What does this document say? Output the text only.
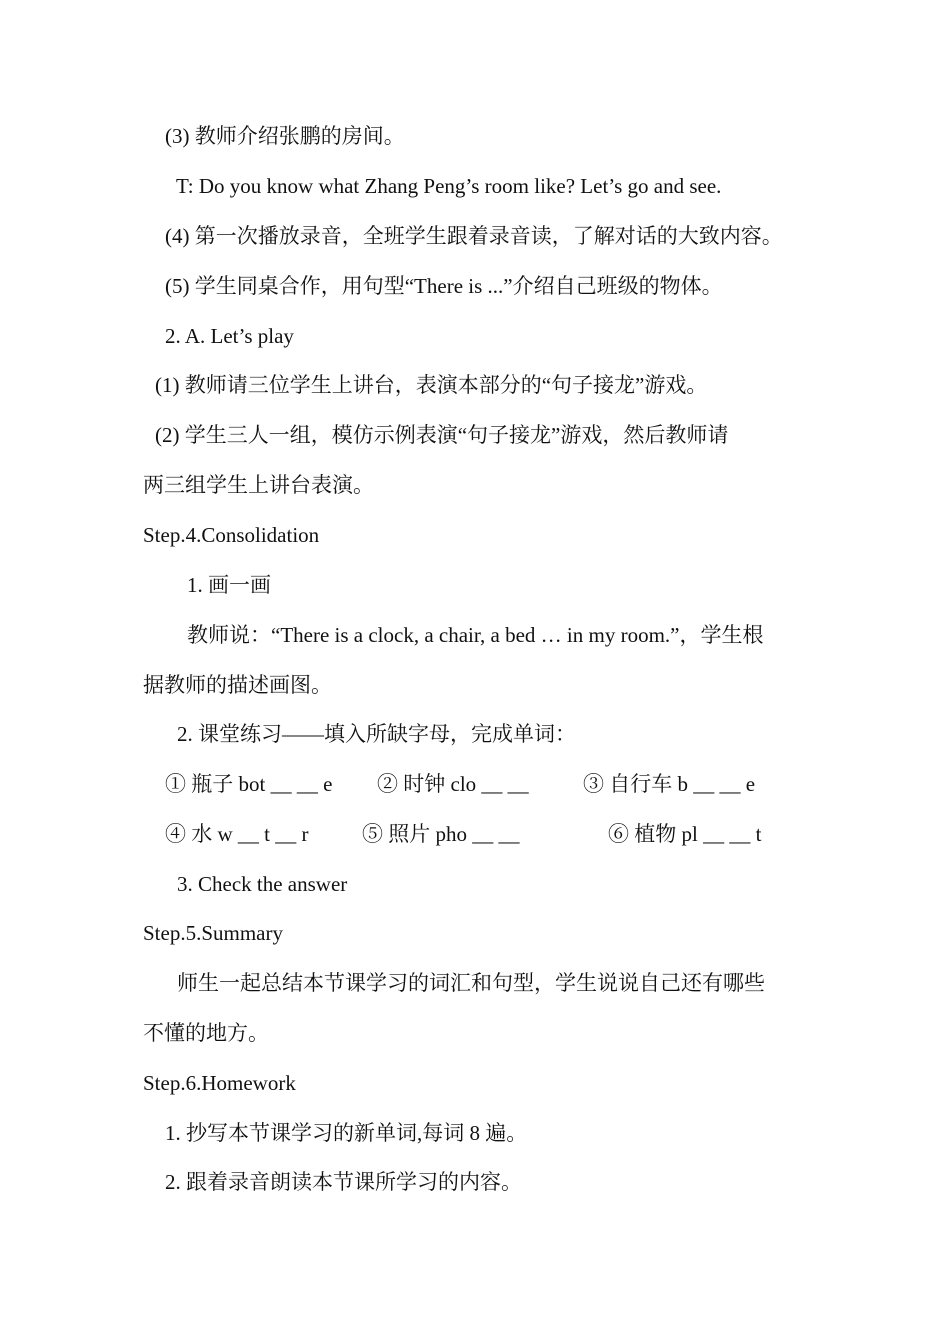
(3) 教师介绍张鹏的房间。
T: Do you know what Zhang Peng’s room like? Let’s go and see.
(4) 第一次播放录音，全班学生跟着录音读，了解对话的大致内容。
(5) 学生同桌合作，用句型“There is ...”介绍自己班级的物体。
2. A. Let’s play
(1) 教师请三位学生上讲台，表演本部分的“句子接龙”游戏。
(2) 学生三人一组，模仿示例表演“句子接龙”游戏，然后教师请
两三组学生上讲台表演。
Step.4.Consolidation
1. 画一画
教师说：“There is a clock, a chair, a bed … in my room.”，学生根
据教师的描述画图。
2. 课堂练习——填入所缺字母，完成单词：
① 瓶子 bot __ __ e ② 时钟 clo __ __	③ 自行车 b __ __ e
④ 水 w __ t __ r	⑤ 照片 pho __ __	⑥ 植物 pl __ __ t
3. Check the answer
Step.5.Summary
师生一起总结本节课学习的词汇和句型，学生说说自己还有哪些
不懂的地方。
Step.6.Homework
1. 抄写本节课学习的新单词,每词 8 遍。
2. 跟着录音朗读本节课所学习的内容。
